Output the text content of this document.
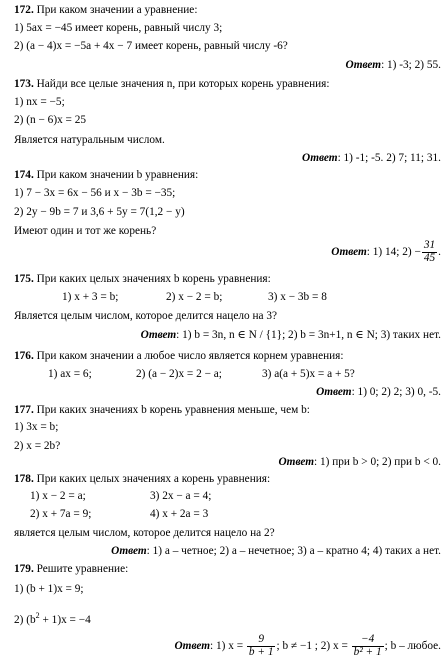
172. При каком значении a уравнение:
1) 5ax = −45 имеет корень, равный числу 3;
2) (a − 4)x = −5a + 4x − 7 имеет корень, равный числу -6?
Ответ: 1) -3; 2) 55.
173. Найди все целые значения n, при которых корень уравнения:
1) nx = −5;
2) (n − 6)x = 25
Является натуральным числом.
Ответ: 1) -1; -5. 2) 7; 11; 31.
174. При каком значении b уравнения:
1) 7 − 3x = 6x − 56 и x − 3b = −35;
2) 2y − 9b = 7 и 3,6 + 5y = 7(1,2 − y)
Имеют один и тот же корень?
Ответ: 1) 14; $2) - \frac{31}{45}$ .
175. При каких целых значениях b корень уравнения:
1) x + 3 = b;	2) x − 2 = b;	3) x − 3b = 8
Является целым числом, которое делится нацело на 3?
Ответ: 1) b = 3n, n ∈ N / {1}; 2) b = 3n+1, n ∈ N; 3) таких нет.
176. При каком значении a любое число является корнем уравнения:
1) ax = 6;	2) (a − 2)x = 2 − a;	3) a(a + 5)x = a + 5?
Ответ: 1) 0; 2) 2; 3) 0, -5.
177. При каких значениях b корень уравнения меньше, чем b:
1) 3x = b;
2) x = 2b?
Ответ: 1) при b > 0; 2) при b < 0.
178. При каких целых значениях a корень уравнения:
1) x − 2 = a;	3) 2x − a = 4;
2) x + 7a = 9;	4) x + 2a = 3
является целым числом, которое делится нацело на 2?
Ответ: 1) а – четное; 2) а – нечетное; 3) а – кратно 4; 4) таких а нет.
179. Решите уравнение:
1) (b + 1)x = 9;
2) $(b^2 + 1)x = -4$
Ответ: 1) $x = \frac{9}{b + 1}$ ; b ≠ −1 ; 2) $x = \frac{-4}{\text{b² + 1}}$ ; b – любое.
